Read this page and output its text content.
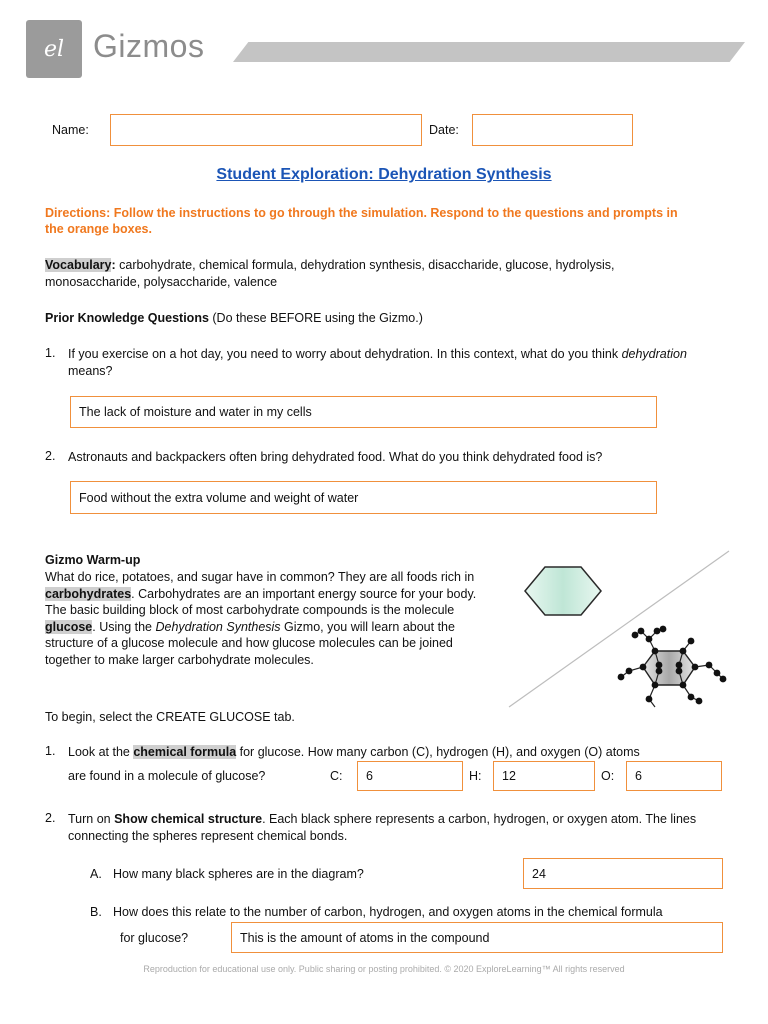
el Gizmos
Name:	Date:
Student Exploration: Dehydration Synthesis
Directions: Follow the instructions to go through the simulation. Respond to the questions and prompts in the orange boxes.
Vocabulary: carbohydrate, chemical formula, dehydration synthesis, disaccharide, glucose, hydrolysis, monosaccharide, polysaccharide, valence
Prior Knowledge Questions (Do these BEFORE using the Gizmo.)
1. If you exercise on a hot day, you need to worry about dehydration. In this context, what do you think dehydration means?
The lack of moisture and water in my cells
2. Astronauts and backpackers often bring dehydrated food. What do you think dehydrated food is?
Food without the extra volume and weight of water
Gizmo Warm-up
What do rice, potatoes, and sugar have in common? They are all foods rich in carbohydrates. Carbohydrates are an important energy source for your body. The basic building block of most carbohydrate compounds is the molecule glucose. Using the Dehydration Synthesis Gizmo, you will learn about the structure of a glucose molecule and how glucose molecules can be joined together to make larger carbohydrate molecules.
To begin, select the CREATE GLUCOSE tab.
1. Look at the chemical formula for glucose. How many carbon (C), hydrogen (H), and oxygen (O) atoms
are found in a molecule of glucose?	C:	6	H:	12	O:	6
2. Turn on Show chemical structure. Each black sphere represents a carbon, hydrogen, or oxygen atom. The lines connecting the spheres represent chemical bonds.
A. How many black spheres are in the diagram?	24
B. How does this relate to the number of carbon, hydrogen, and oxygen atoms in the chemical formula
for glucose?	This is the amount of atoms in the compound
Reproduction for educational use only. Public sharing or posting prohibited. © 2020 ExploreLearning™ All rights reserved
